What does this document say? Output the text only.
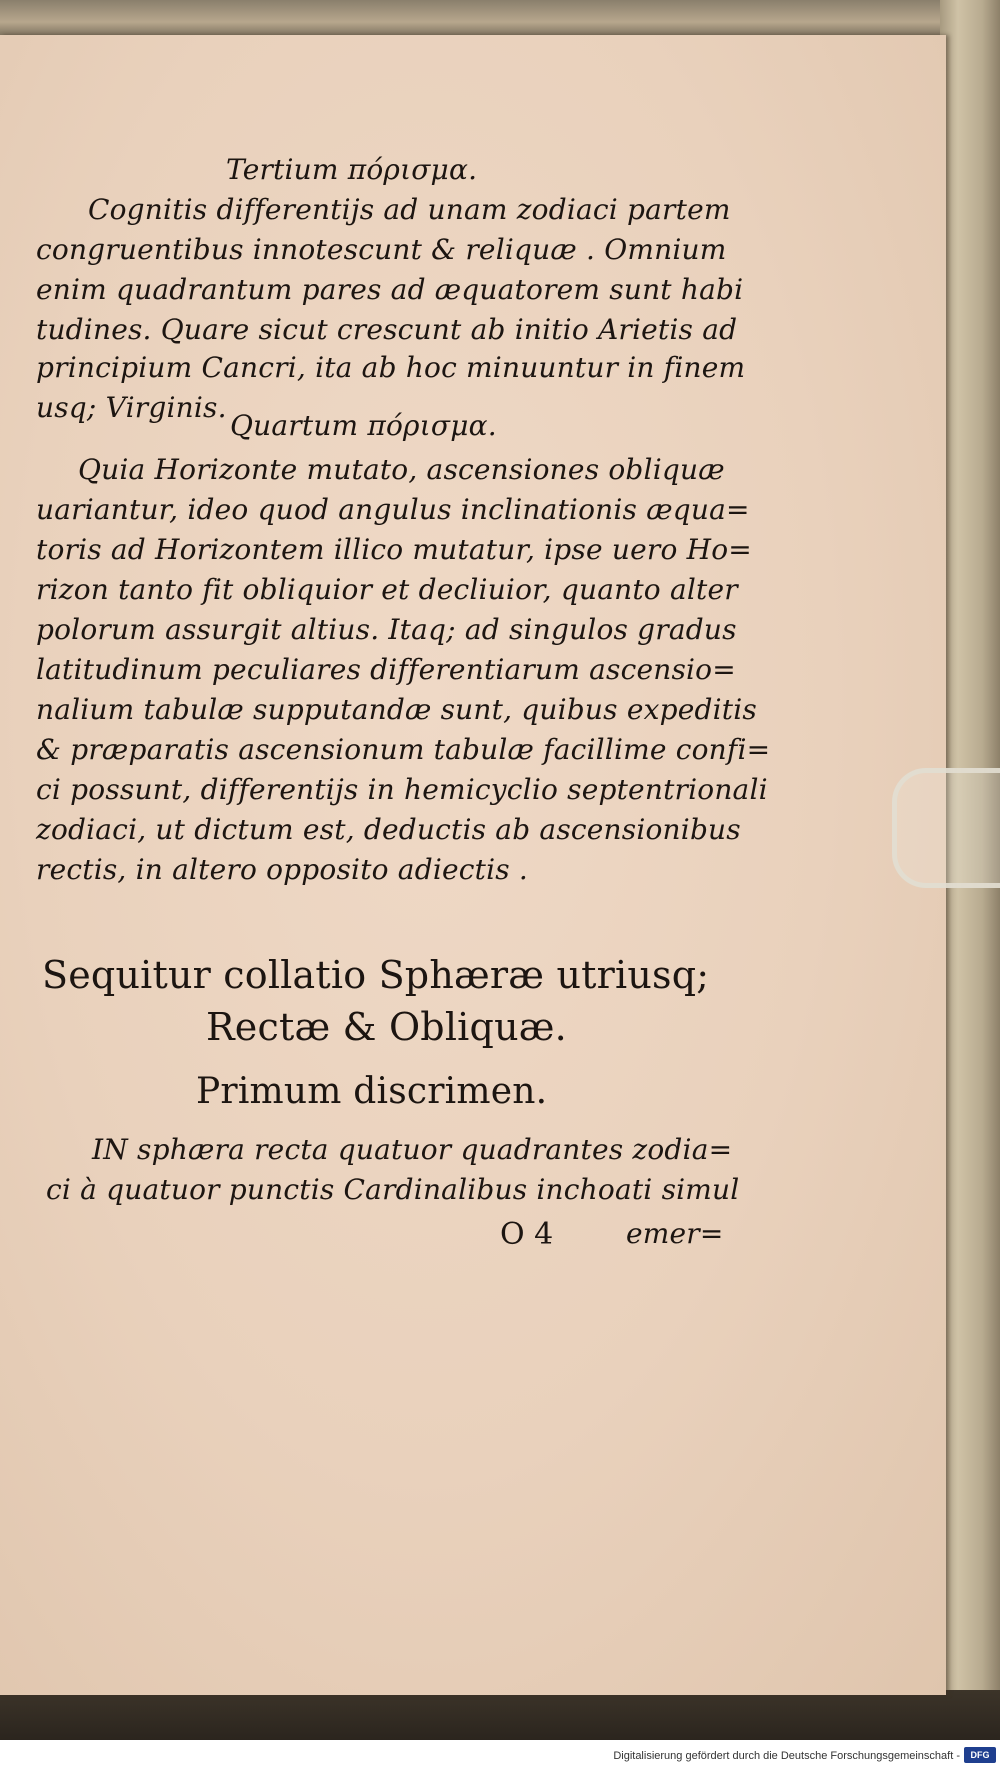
Tertium πόρισμα.
Cognitis differentijs ad unam zodiaci partem
congruentibus innotescunt & reliquæ . Omnium
enim quadrantum pares ad æquatorem sunt habi
tudines. Quare sicut crescunt ab initio Arietis ad
principium Cancri, ita ab hoc minuuntur in finem
usq; Virginis.
Quartum πόρισμα.
Quia Horizonte mutato, ascensiones obliquæ
uariantur, ideo quod angulus inclinationis æqua=
toris ad Horizontem illico mutatur, ipse uero Ho=
rizon tanto fit obliquior et decliuior, quanto alter
polorum assurgit altius. Itaq; ad singulos gradus
latitudinum peculiares differentiarum ascensio=
nalium tabulæ supputandæ sunt, quibus expeditis
& præparatis ascensionum tabulæ facillime confi=
ci possunt, differentijs in hemicyclio septentrionali
zodiaci, ut dictum est, deductis ab ascensionibus
rectis, in altero opposito adiectis .
Sequitur collatio Sphæræ utriusq;
Rectæ & Obliquæ.
Primum discrimen.
IN sphæra recta quatuor quadrantes zodia=
ci à quatuor punctis Cardinalibus inchoati simul
O 4	emer=
Digitalisierung gefördert durch die Deutsche Forschungsgemeinschaft -	DFG
